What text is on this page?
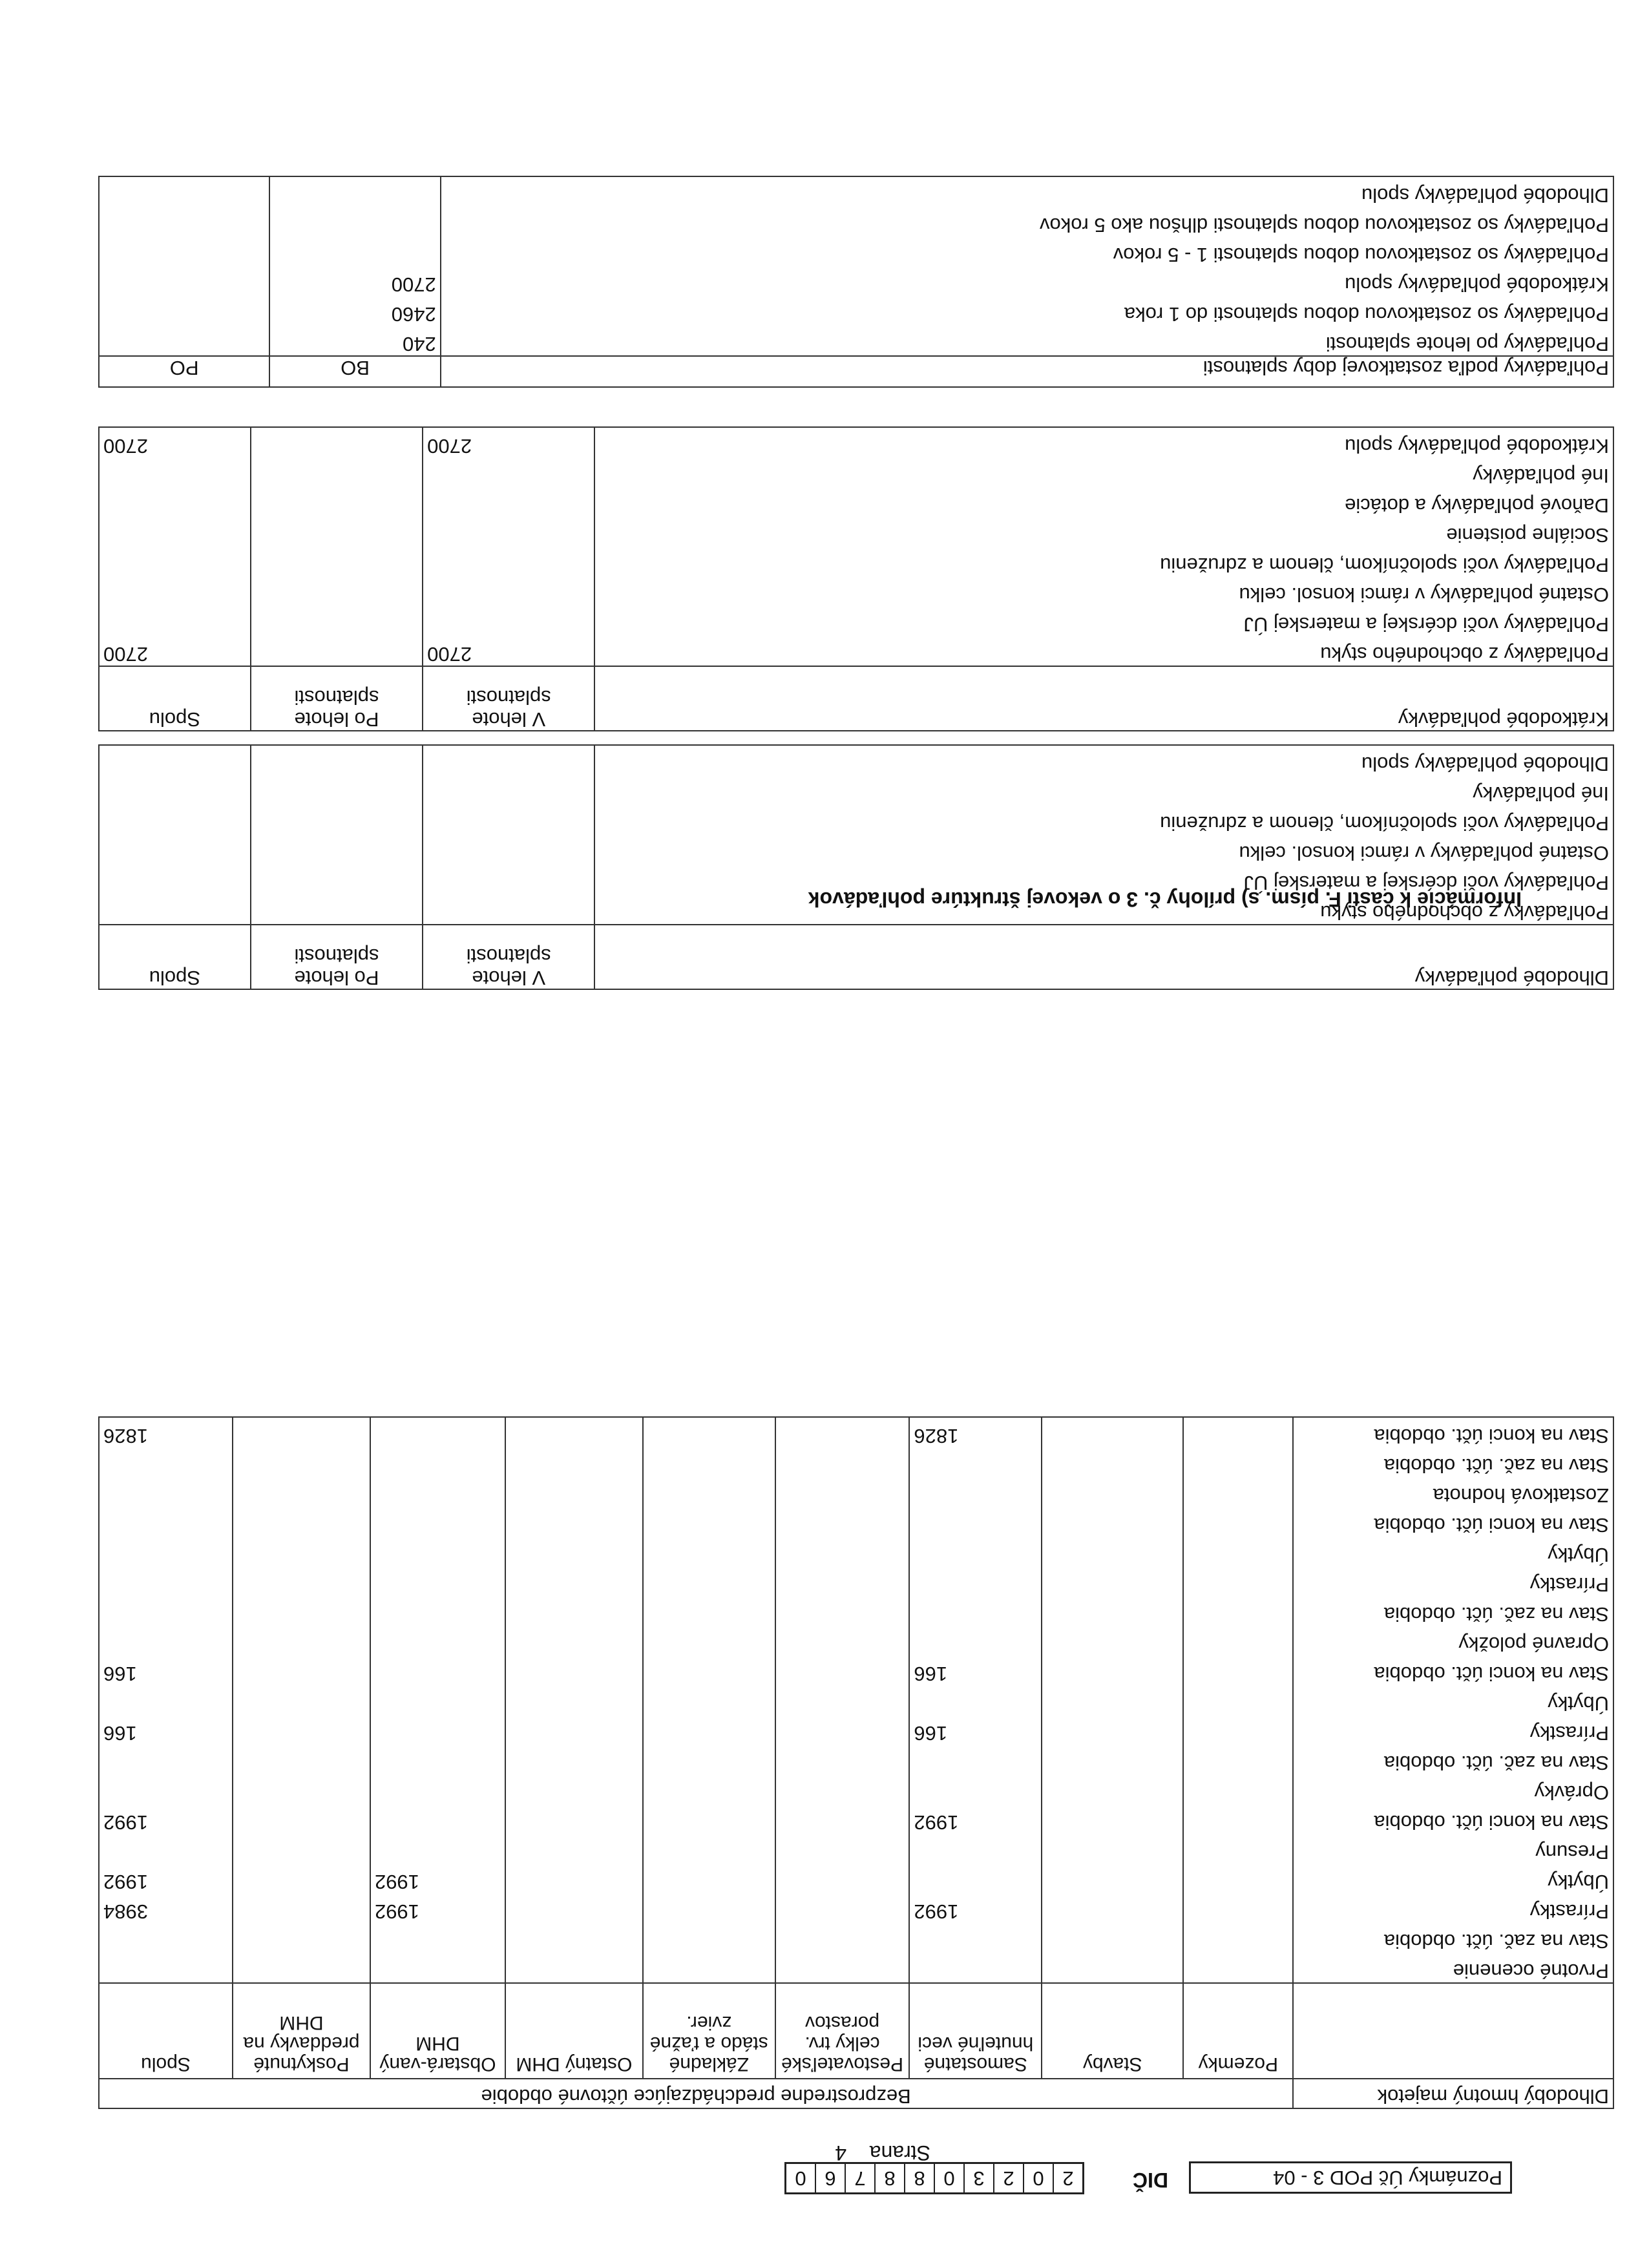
Poznámky Úč POD 3 - 04
DIČ
2
0
2
3
0
8
8
7
6
0
Dlhodobý hmotný majetok	Bezprostredne predchádzajúce účtovné obdobie								
	Pozemky	Stavby	Samostatné hnuteľné veci	Pestovateľské celky trv. porastov	Základné stádo a ťažné zvier.	Ostatný DHM	Obstará-vaný DHM	Poskytnuté preddavky na DHM	Spolu
Prvotné ocenenie									
Stav na zač. účt. obdobia									
Prírastky			1992				1992		3984
Úbytky							1992		1992
Presuny									
Stav na konci účt. obdobia			1992						1992
Oprávky									
Stav na zač. účt. obdobia									
Prírastky			166						166
Úbytky									
Stav na konci účt. obdobia			166						166
Opravné položky									
Stav na zač. účt. obdobia									
Prírastky									
Úbytky									
Stav na konci účt. obdobia									
Zostatková hodnota									
Stav na zač. účt. obdobia									
Stav na konci účt. obdobia			1826						1826
Informácie k časti F. písm. s) prílohy č. 3 o vekovej štruktúre pohľadávok
Dlhodobé pohľadávky	V lehote splatnosti	Po lehote splatnosti	Spolu
Pohľadávky z obchodného styku			
Pohľadávky voči dcérskej a materskej ÚJ			
Ostatné pohľadávky v rámci konsol. celku			
Pohľadávky voči spoločníkom, členom a združeniu			
Iné pohľadávky			
Dlhodobé pohľadávky spolu			
Krátkodobé pohľadávky	V lehote splatnosti	Po lehote splatnosti	Spolu
Pohľadávky z obchodného styku	2700		2700
Pohľadávky voči dcérskej a materskej ÚJ			
Ostatné pohľadávky v rámci konsol. celku			
Pohľadávky voči spoločníkom, členom a združeniu			
Sociálne poistenie			
Daňové pohľadávky a dotácie			
Iné pohľadávky			
Krátkodobé pohľadávky spolu	2700		2700
Pohľadávky podľa zostatkovej doby splatnosti	BO	PO
Pohľadávky po lehote splatnosti	240	
Pohľadávky so zostatkovou dobou splatnosti do 1 roka	2460	
Krátkodobé pohľadávky spolu	2700	
Pohľadávky so zostatkovou dobou splatnosti 1 - 5 rokov		
Pohľadávky so zostatkovou dobou splatnosti dlhšou ako 5 rokov		
Dlhodobé pohľadávky spolu		
Strana    4
